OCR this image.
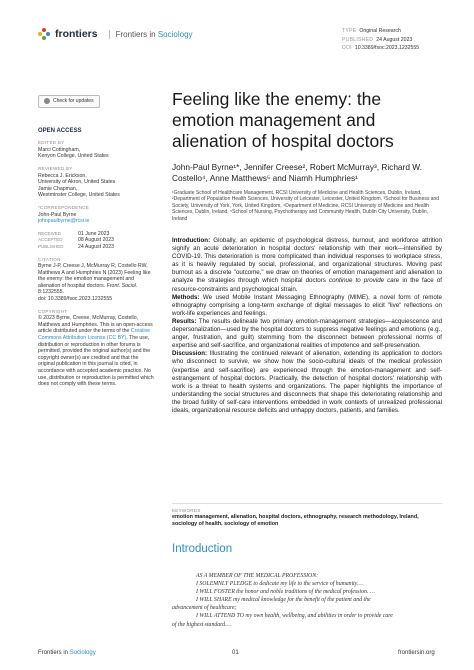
frontiers	Frontiers in Sociology	TYPE Original Research
PUBLISHED 24 August 2023
DOI 10.3389/fsoc.2023.1232555
Check for updates
OPEN ACCESS
EDITED BY
Marci Cottingham,
Kenyon College, United States
REVIEWED BY
Rebecca J. Erickson,
University of Akron, United States
Jamie Chapman,
Westminster College, United States
*CORRESPONDENCE
John-Paul Byrne
johnpaulbyrne@rcsi.ie
RECEIVED	01 June 2023
ACCEPTED	08 August 2023
PUBLISHED	24 August 2023
CITATION
Byrne J-P, Creese J, McMurray R, Costello RW, Matthews A and Humphries N (2023) Feeling like the enemy: the emotion management and alienation of hospital doctors. Front. Sociol. 8:1232555.
doi: 10.3389/fsoc.2023.1232555
COPYRIGHT
© 2023 Byrne, Creese, McMurray, Costello, Matthews and Humphries. This is an open-access article distributed under the terms of the Creative Commons Attribution License (CC BY). The use, distribution or reproduction in other forums is permitted, provided the original author(s) and the copyright owner(s) are credited and that the original publication in this journal is cited, in accordance with accepted academic practice. No use, distribution or reproduction is permitted which does not comply with these terms.
Feeling like the enemy: the emotion management and alienation of hospital doctors
John-Paul Byrne¹*, Jennifer Creese², Robert McMurray³, Richard W. Costello⁴, Anne Matthews⁵ and Niamh Humphries¹
¹Graduate School of Healthcare Management, RCSI University of Medicine and Health Sciences, Dublin, Ireland, ²Department of Population Health Sciences, University of Leicester, Leicester, United Kingdom, ³School for Business and Society, University of York, York, United Kingdom, ⁴Department of Medicine, RCSI University of Medicine and Health Sciences, Dublin, Ireland, ⁵School of Nursing, Psychotherapy and Community Health, Dublin City University, Dublin, Ireland

Introduction: Globally, an epidemic of psychological distress, burnout, and workforce attrition signify an acute deterioration in hospital doctors' relationship with their work—intensified by COVID-19. This deterioration is more complicated than individual responses to workplace stress, as it is heavily regulated by social, professional, and organizational structures. Moving past burnout as a discrete "outcome," we draw on theories of emotion management and alienation to analyze the strategies through which hospital doctors continue to provide care in the face of resource-constraints and psychological strain.

Methods: We used Mobile Instant Messaging Ethnography (MIME), a novel form of remote ethnography comprising a long-term exchange of digital messages to elicit "live" reflections on work-life experiences and feelings.

Results: The results delineate two primary emotion-management strategies—acquiescence and depersonalization—used by the hospital doctors to suppress negative feelings and emotions (e.g., anger, frustration, and guilt) stemming from the disconnect between professional norms of expertise and self-sacrifice, and organizational realities of impotence and self-preservation.

Discussion: Illustrating the continued relevant of alienation, extending its application to doctors who disconnect to survive, we show how the socio-cultural ideals of the medical profession (expertise and self-sacrifice) are experienced through the emotion-management and self-estrangement of hospital doctors. Practically, the detection of hospital doctors' relationship with work is a threat to health systems and organizations. The paper highlights the importance of understanding the social structures and disconnects that shape this deteriorating relationship and the broad futility of self-care interventions embedded in work contexts of unrealized professional ideals, organizational resource deficits and unhappy doctors, patients, and families.

KEYWORDS
emotion management, alienation, hospital doctors, ethnography, research methodology, Ireland, sociology of health, sociology of emotion
Introduction
AS A MEMBER OF THE MEDICAL PROFESSION:
I SOLEMNLY PLEDGE to dedicate my life to the service of humanity.…
I WILL FOSTER the honor and noble traditions of the medical profession. …
I WILL SHARE my medical knowledge for the benefit of the patient and the
advancement of healthcare;
I WILL ATTEND TO my own health, wellbeing, and abilities in order to provide care
of the highest standard.…
Frontiers in Sociology	01	frontiersin.org
